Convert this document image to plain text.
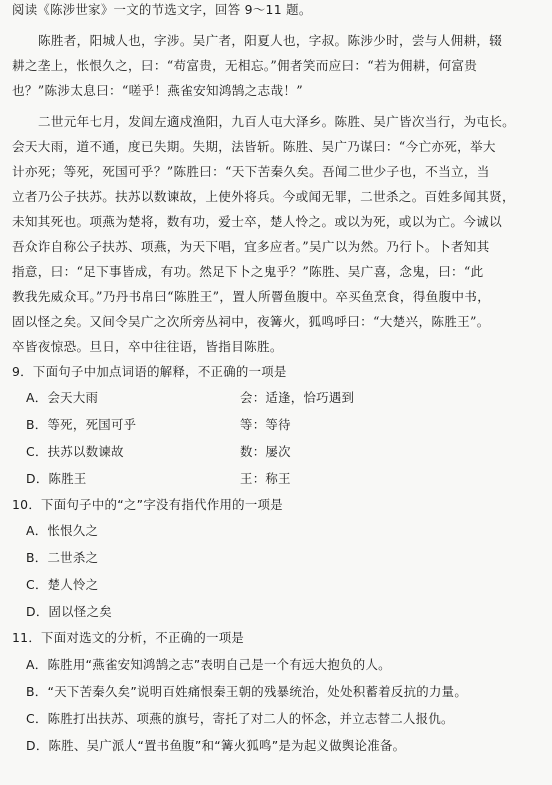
阅读《陈涉世家》一文的节选文字，回答 9～11 题。
陈胜者，阳城人也，字涉。吴广者，阳夏人也，字叔。陈涉少时，尝与人佣耕，辍
耕之垄上，怅恨久之，曰：“苟富贵，无相忘。”佣者笑而应曰：“若为佣耕，何富贵
也？”陈涉太息曰：“嗟乎！燕雀安知鸿鹄之志哉！”
二世元年七月，发闾左適戍渔阳，九百人屯大泽乡。陈胜、吴广皆次当行，为屯长。
会天大雨，道不通，度已失期。失期，法皆斩。陈胜、吴广乃谋曰：“今亡亦死，举大
计亦死；等死，死国可乎？”陈胜曰：“天下苦秦久矣。吾闻二世少子也，不当立，当
立者乃公子扶苏。扶苏以数谏故，上使外将兵。今或闻无罪，二世杀之。百姓多闻其贤，
未知其死也。项燕为楚将，数有功，爱士卒，楚人怜之。或以为死，或以为亡。今诚以
吾众诈自称公子扶苏、项燕，为天下唱，宜多应者。”吴广以为然。乃行卜。卜者知其
指意，曰：“足下事皆成，有功。然足下卜之鬼乎？”陈胜、吴广喜，念鬼，曰：“此
教我先威众耳。”乃丹书帛曰“陈胜王”，置人所罾鱼腹中。卒买鱼烹食，得鱼腹中书，
固以怪之矣。又间令吴广之次所旁丛祠中，夜篝火，狐鸣呼曰：“大楚兴，陈胜王”。
卒皆夜惊恐。旦日，卒中往往语，皆指目陈胜。
9．下面句子中加点词语的解释，不正确的一项是
A．会天大雨	会：适逢，恰巧遇到
B．等死，死国可乎	等：等待
C．扶苏以数谏故	数：屡次
D．陈胜王	王：称王
10．下面句子中的“之”字没有指代作用的一项是
A．怅恨久之
B．二世杀之
C．楚人怜之
D．固以怪之矣
11．下面对选文的分析，不正确的一项是
A．陈胜用“燕雀安知鸿鹄之志”表明自己是一个有远大抱负的人。
B．“天下苦秦久矣”说明百姓痛恨秦王朝的残暴统治，处处积蓄着反抗的力量。
C．陈胜打出扶苏、项燕的旗号，寄托了对二人的怀念，并立志替二人报仇。
D．陈胜、吴广派人“置书鱼腹”和“篝火狐鸣”是为起义做舆论准备。
